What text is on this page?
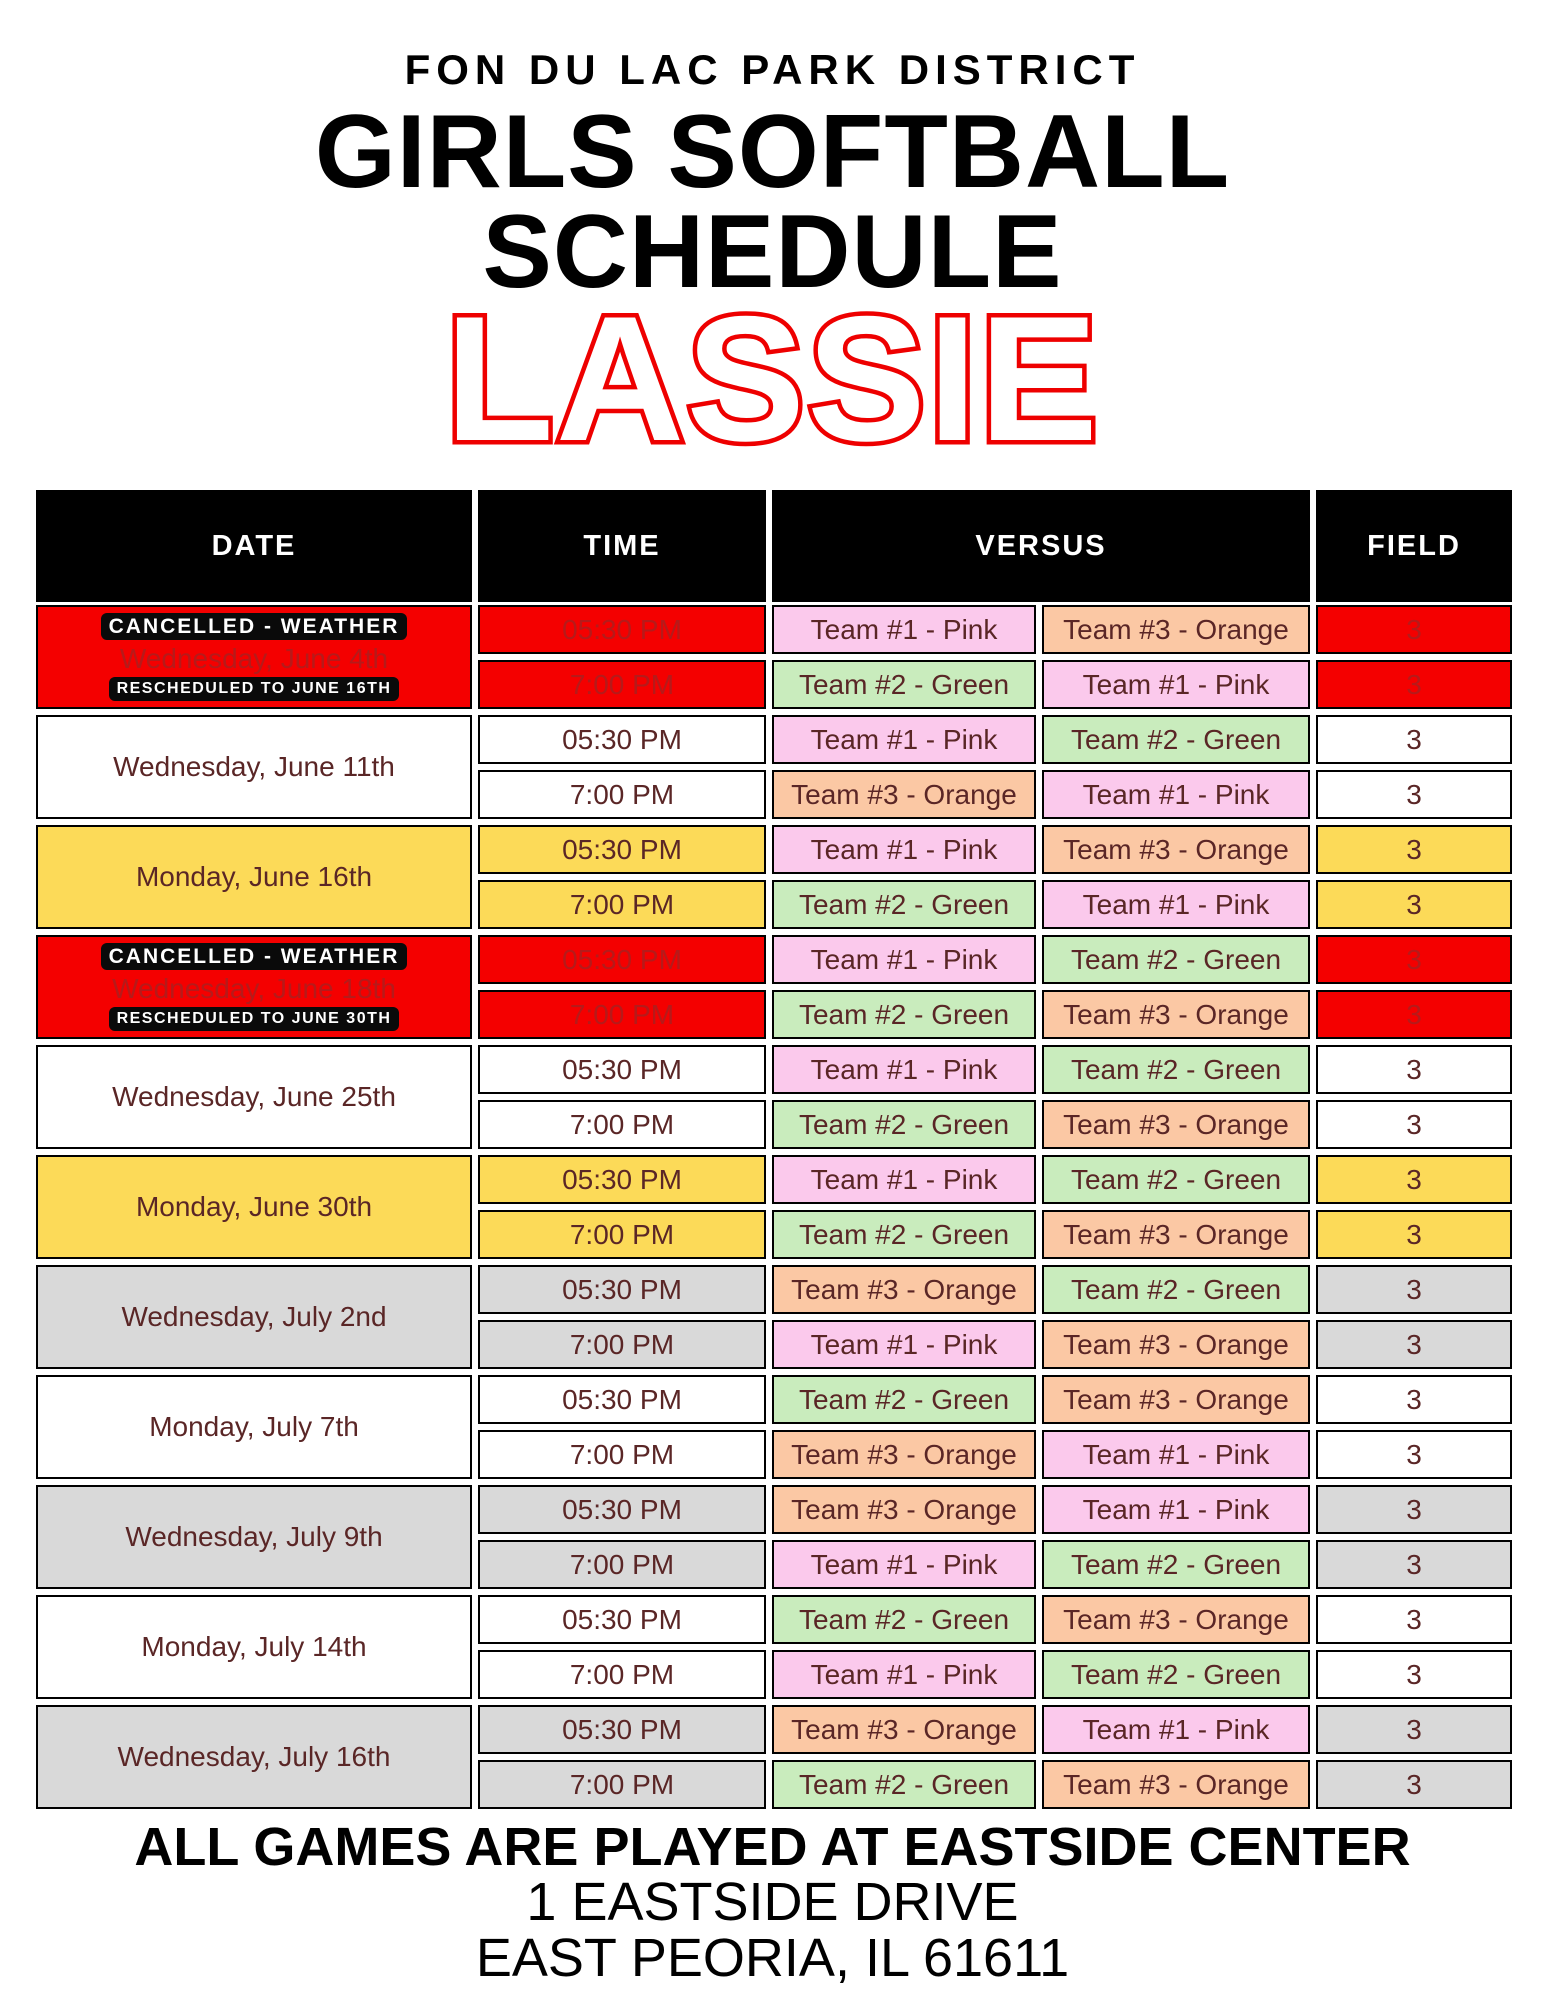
FON DU LAC PARK DISTRICT
GIRLS SOFTBALL
SCHEDULE
LASSIE
DATE	TIME	VERSUS	FIELD
CANCELLED - WEATHER
Wednesday, June 4th
RESCHEDULED TO JUNE 16TH
05:30 PM	Team #1 - Pink	Team #3 - Orange	3
7:00 PM	Team #2 - Green	Team #1 - Pink	3
Wednesday, June 11th
05:30 PM	Team #1 - Pink	Team #2 - Green	3
7:00 PM	Team #3 - Orange	Team #1 - Pink	3
Monday, June 16th
05:30 PM	Team #1 - Pink	Team #3 - Orange	3
7:00 PM	Team #2 - Green	Team #1 - Pink	3
CANCELLED - WEATHER
Wednesday, June 18th
RESCHEDULED TO JUNE 30TH
05:30 PM	Team #1 - Pink	Team #2 - Green	3
7:00 PM	Team #2 - Green	Team #3 - Orange	3
Wednesday, June 25th
05:30 PM	Team #1 - Pink	Team #2 - Green	3
7:00 PM	Team #2 - Green	Team #3 - Orange	3
Monday, June 30th
05:30 PM	Team #1 - Pink	Team #2 - Green	3
7:00 PM	Team #2 - Green	Team #3 - Orange	3
Wednesday, July 2nd
05:30 PM	Team #3 - Orange	Team #2 - Green	3
7:00 PM	Team #1 - Pink	Team #3 - Orange	3
Monday, July 7th
05:30 PM	Team #2 - Green	Team #3 - Orange	3
7:00 PM	Team #3 - Orange	Team #1 - Pink	3
Wednesday, July 9th
05:30 PM	Team #3 - Orange	Team #1 - Pink	3
7:00 PM	Team #1 - Pink	Team #2 - Green	3
Monday, July 14th
05:30 PM	Team #2 - Green	Team #3 - Orange	3
7:00 PM	Team #1 - Pink	Team #2 - Green	3
Wednesday, July 16th
05:30 PM	Team #3 - Orange	Team #1 - Pink	3
7:00 PM	Team #2 - Green	Team #3 - Orange	3
ALL GAMES ARE PLAYED AT EASTSIDE CENTER
1 EASTSIDE DRIVE
EAST PEORIA, IL 61611
